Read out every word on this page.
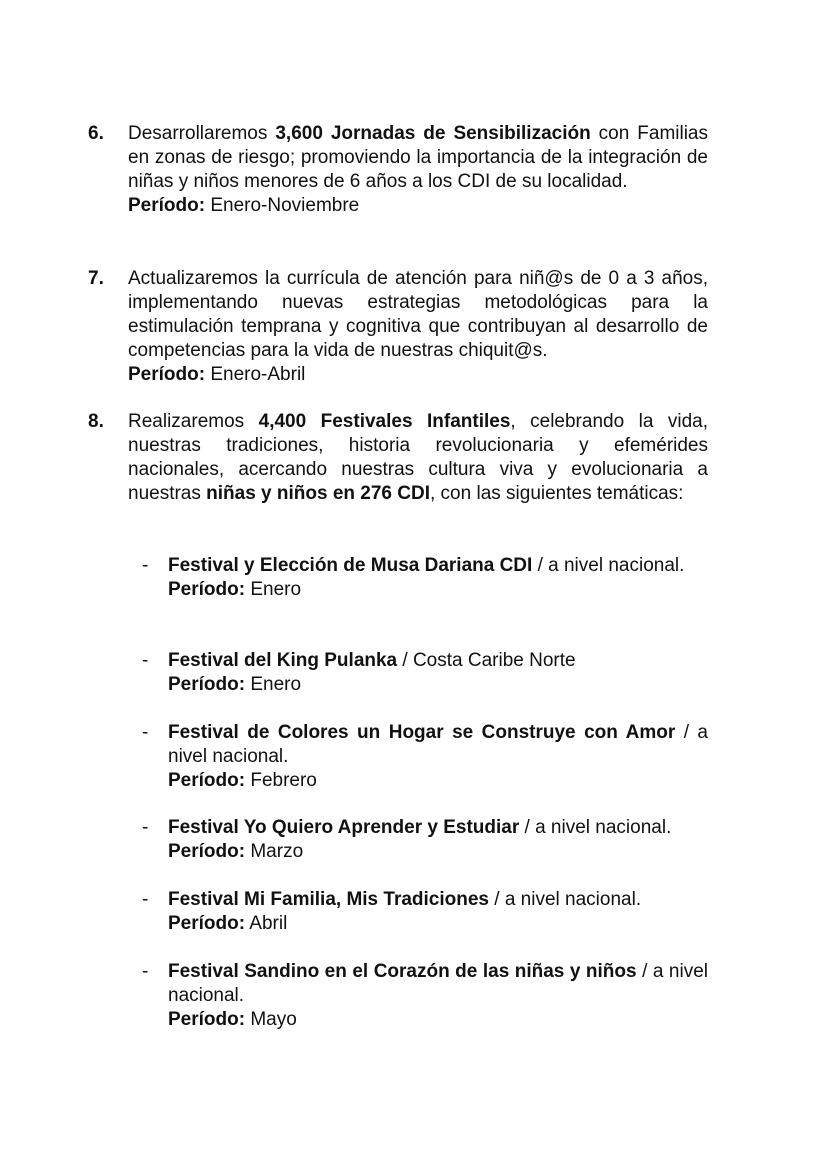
6. Desarrollaremos 3,600 Jornadas de Sensibilización con Familias en zonas de riesgo; promoviendo la importancia de la integración de niñas y niños menores de 6 años a los CDI de su localidad.

Período: Enero-Noviembre

7. Actualizaremos la currícula de atención para niñ@s de 0 a 3 años, implementando nuevas estrategias metodológicas para la estimulación temprana y cognitiva que contribuyan al desarrollo de competencias para la vida de nuestras chiquit@s.

Período: Enero-Abril

8. Realizaremos 4,400 Festivales Infantiles, celebrando la vida, nuestras tradiciones, historia revolucionaria y efemérides nacionales, acercando nuestras cultura viva y evolucionaria a nuestras niñas y niños en 276 CDI, con las siguientes temáticas:

- Festival y Elección de Musa Dariana CDI / a nivel nacional.

Período: Enero

- Festival del King Pulanka / Costa Caribe Norte

Período: Enero

- Festival de Colores un Hogar se Construye con Amor / a nivel nacional.

Período: Febrero

- Festival Yo Quiero Aprender y Estudiar / a nivel nacional.

Período: Marzo

- Festival Mi Familia, Mis Tradiciones / a nivel nacional.

Período: Abril

- Festival Sandino en el Corazón de las niñas y niños / a nivel nacional.

Período: Mayo
